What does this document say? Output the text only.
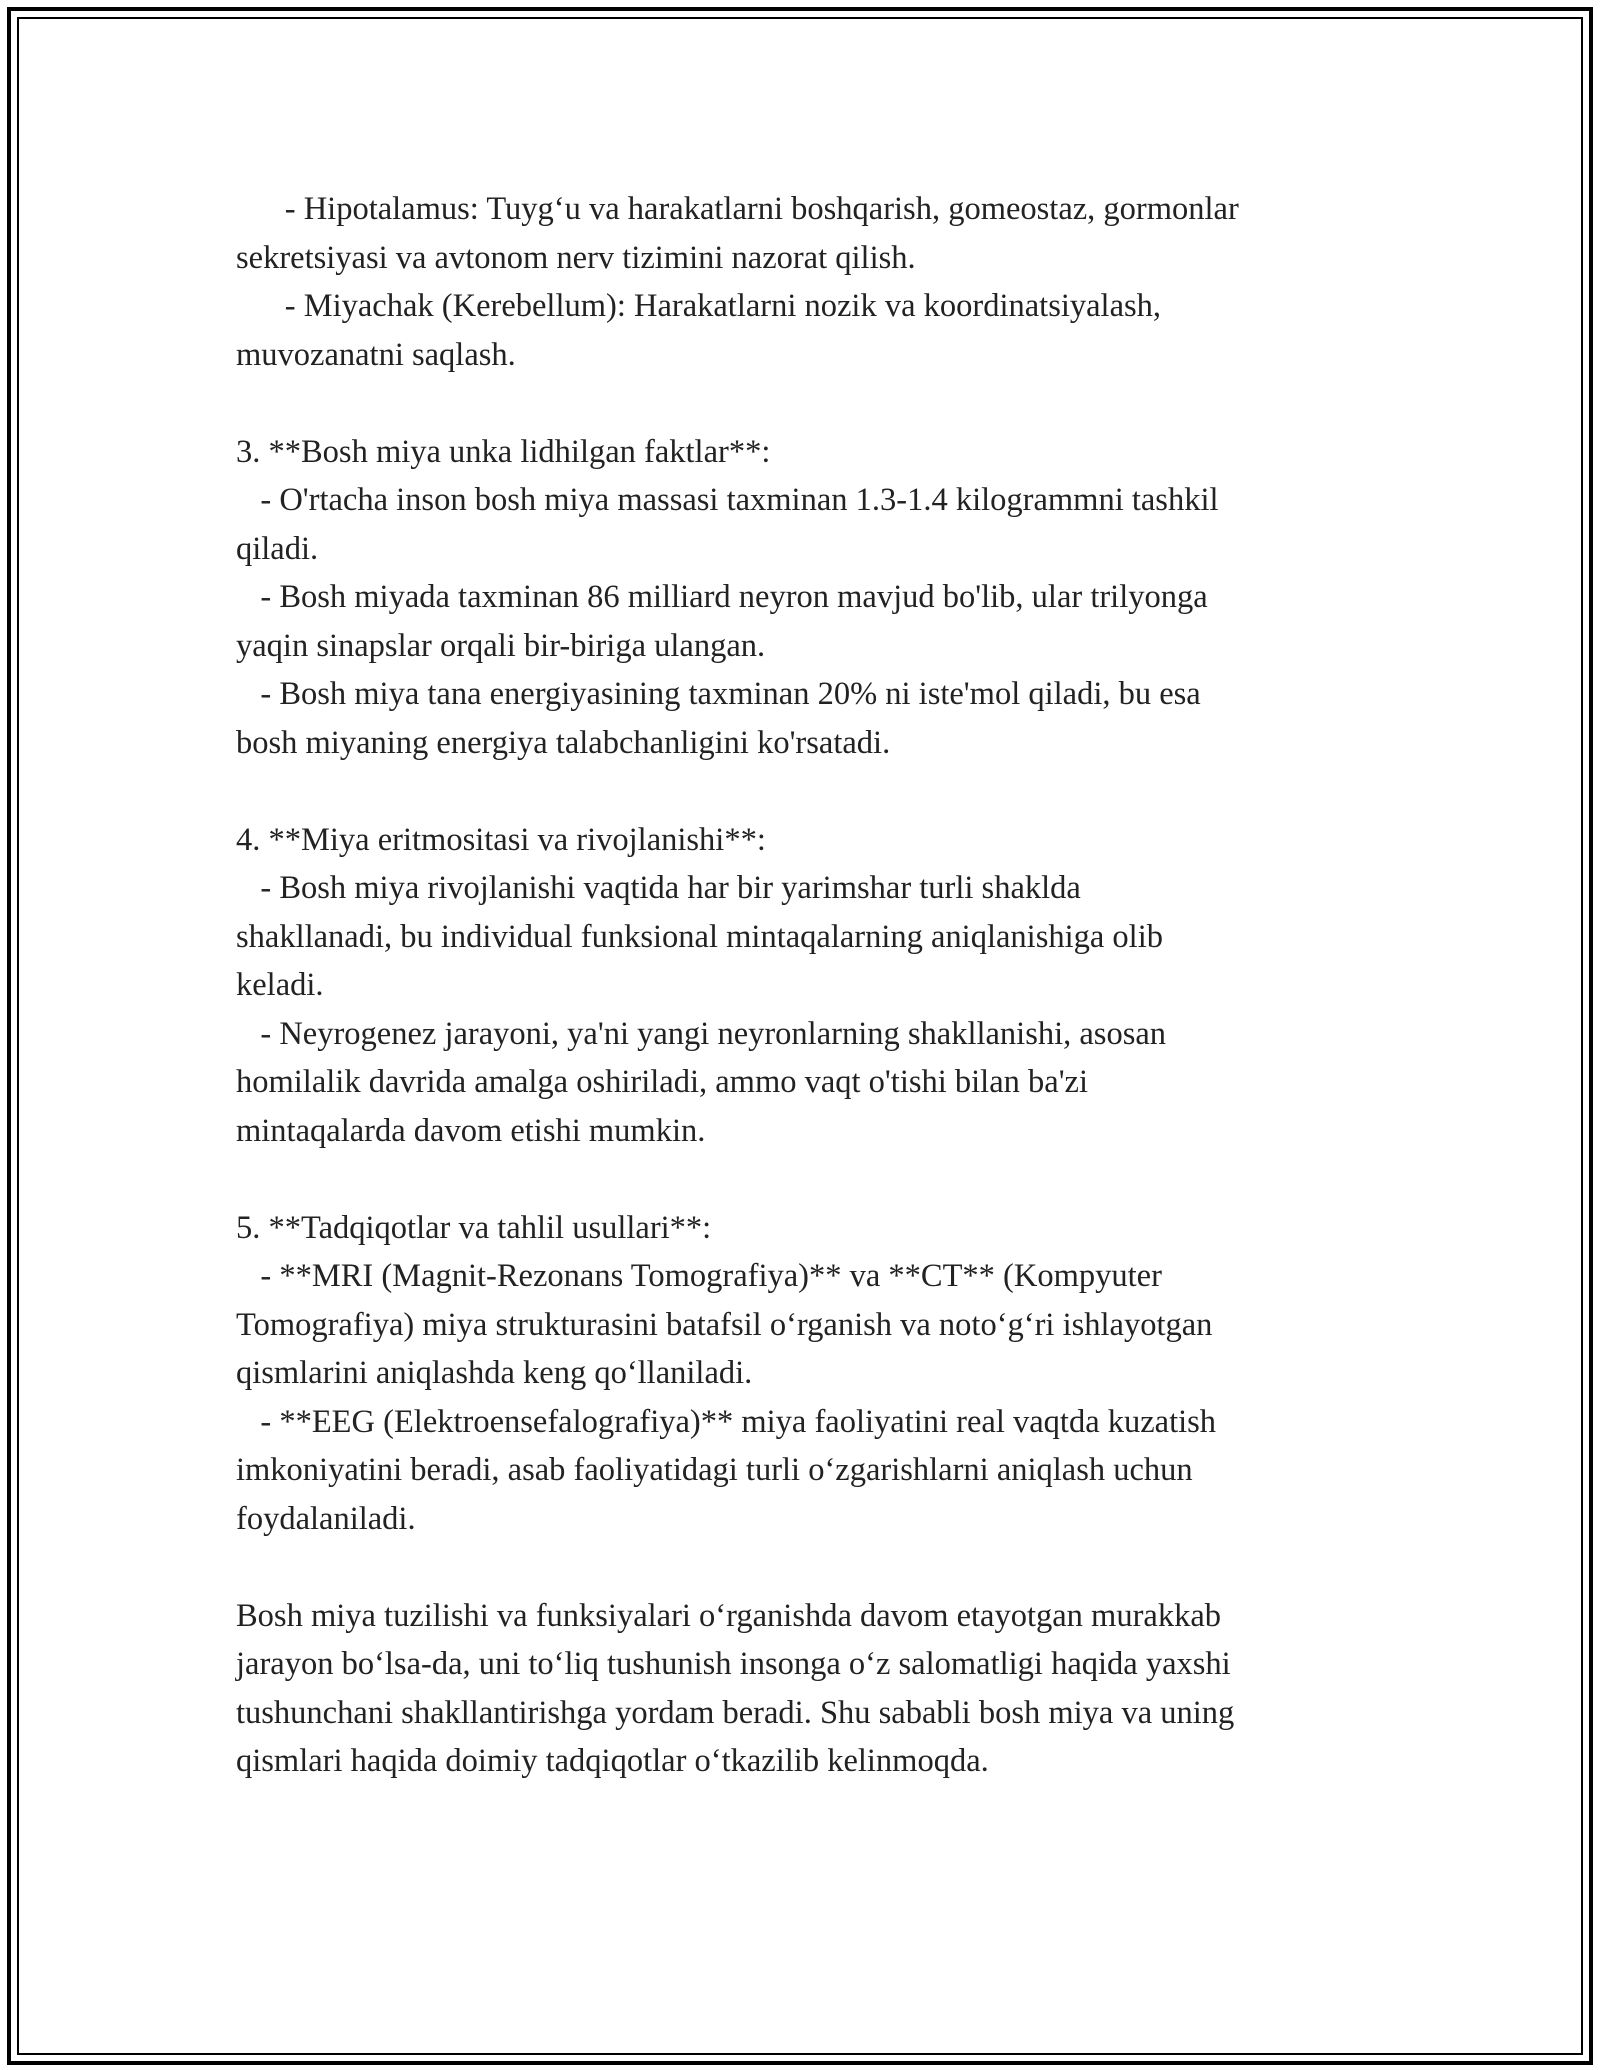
- Hipotalamus: Tuyg‘u va harakatlarni boshqarish, gomeostaz, gormonlar
sekretsiyasi va avtonom nerv tizimini nazorat qilish.
- Miyachak (Kerebellum): Harakatlarni nozik va koordinatsiyalash,
muvozanatni saqlash.
3. **Bosh miya unka lidhilgan faktlar**:
- O'rtacha inson bosh miya massasi taxminan 1.3-1.4 kilogrammni tashkil
qiladi.
- Bosh miyada taxminan 86 milliard neyron mavjud bo'lib, ular trilyonga
yaqin sinapslar orqali bir-biriga ulangan.
- Bosh miya tana energiyasining taxminan 20% ni iste'mol qiladi, bu esa
bosh miyaning energiya talabchanligini ko'rsatadi.
4. **Miya eritmositasi va rivojlanishi**:
- Bosh miya rivojlanishi vaqtida har bir yarimshar turli shaklda
shakllanadi, bu individual funksional mintaqalarning aniqlanishiga olib
keladi.
- Neyrogenez jarayoni, ya'ni yangi neyronlarning shakllanishi, asosan
homilalik davrida amalga oshiriladi, ammo vaqt o'tishi bilan ba'zi
mintaqalarda davom etishi mumkin.
5. **Tadqiqotlar va tahlil usullari**:
- **MRI (Magnit-Rezonans Tomografiya)** va **CT** (Kompyuter
Tomografiya) miya strukturasini batafsil o‘rganish va noto‘g‘ri ishlayotgan
qismlarini aniqlashda keng qo‘llaniladi.
- **EEG (Elektroensefalografiya)** miya faoliyatini real vaqtda kuzatish
imkoniyatini beradi, asab faoliyatidagi turli o‘zgarishlarni aniqlash uchun
foydalaniladi.
Bosh miya tuzilishi va funksiyalari o‘rganishda davom etayotgan murakkab
jarayon bo‘lsa-da, uni to‘liq tushunish insonga o‘z salomatligi haqida yaxshi
tushunchani shakllantirishga yordam beradi. Shu sababli bosh miya va uning
qismlari haqida doimiy tadqiqotlar o‘tkazilib kelinmoqda.
